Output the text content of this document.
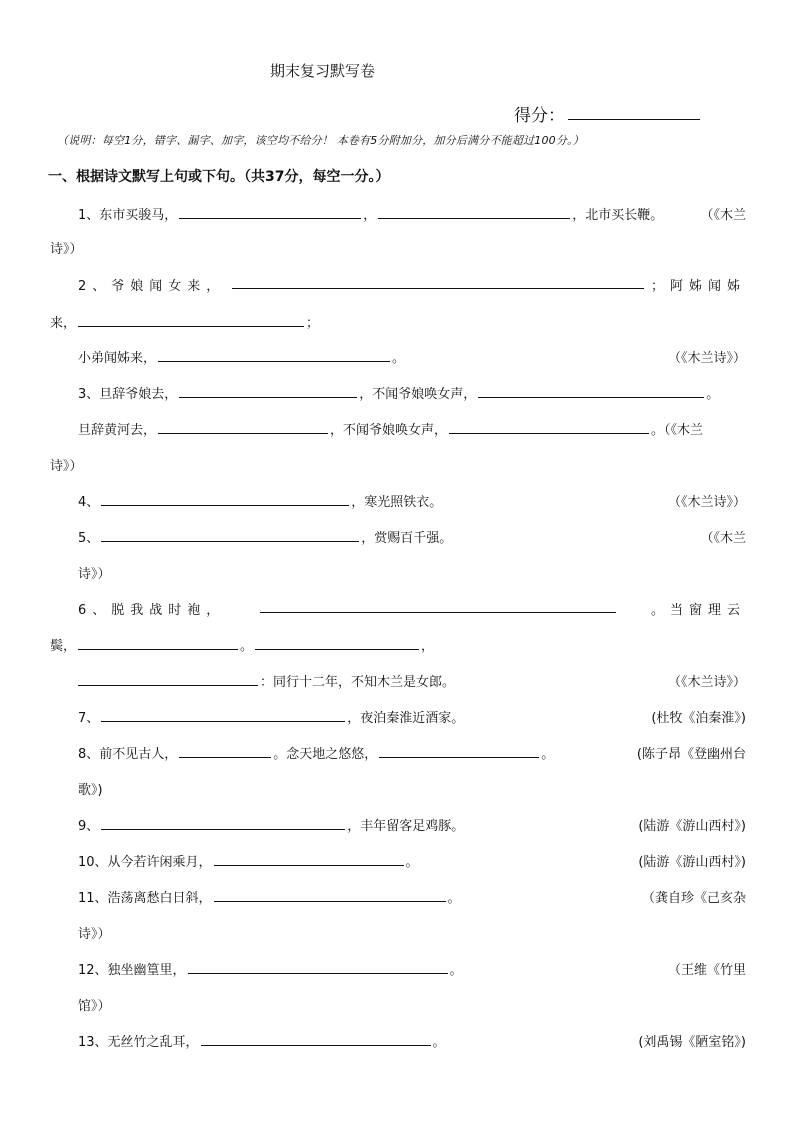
期末复习默写卷
得分：
（说明：每空1分，错字、漏字、加字，该空均不给分！ 本卷有5分附加分，加分后满分不能超过100分。）
一、根据诗文默写上句或下句。（共37分，每空一分。）
1、东市买骏马，	，	，北市买长鞭。	（《木兰
诗》）
2、爷娘闻女来，	；阿姊闻姊
来，	；
小弟闻姊来，	。	（《木兰诗》）
3、旦辞爷娘去，	，不闻爷娘唤女声，	。
旦辞黄河去，	，不闻爷娘唤女声，	。（《木兰
诗》）
4、	，寒光照铁衣。	（《木兰诗》）
5、	，赏赐百千强。	（《木兰
诗》）
6、脱我战时袍，	。当窗理云
鬓，	。	，
：同行十二年，不知木兰是女郎。	（《木兰诗》）
7、	，夜泊秦淮近酒家。	(杜牧《泊秦淮》)
8、前不见古人，	。念天地之悠悠，	。	(陈子昂《登幽州台
歌》)
9、	，丰年留客足鸡豚。	(陆游《游山西村》)
10、从今若许闲乘月，	。	(陆游《游山西村》)
11、浩荡离愁白日斜，	。	（龚自珍《己亥杂
诗》）
12、独坐幽篁里，	。	（王维《竹里
馆》）
13、无丝竹之乱耳，	。	(刘禹锡《陋室铭》)
